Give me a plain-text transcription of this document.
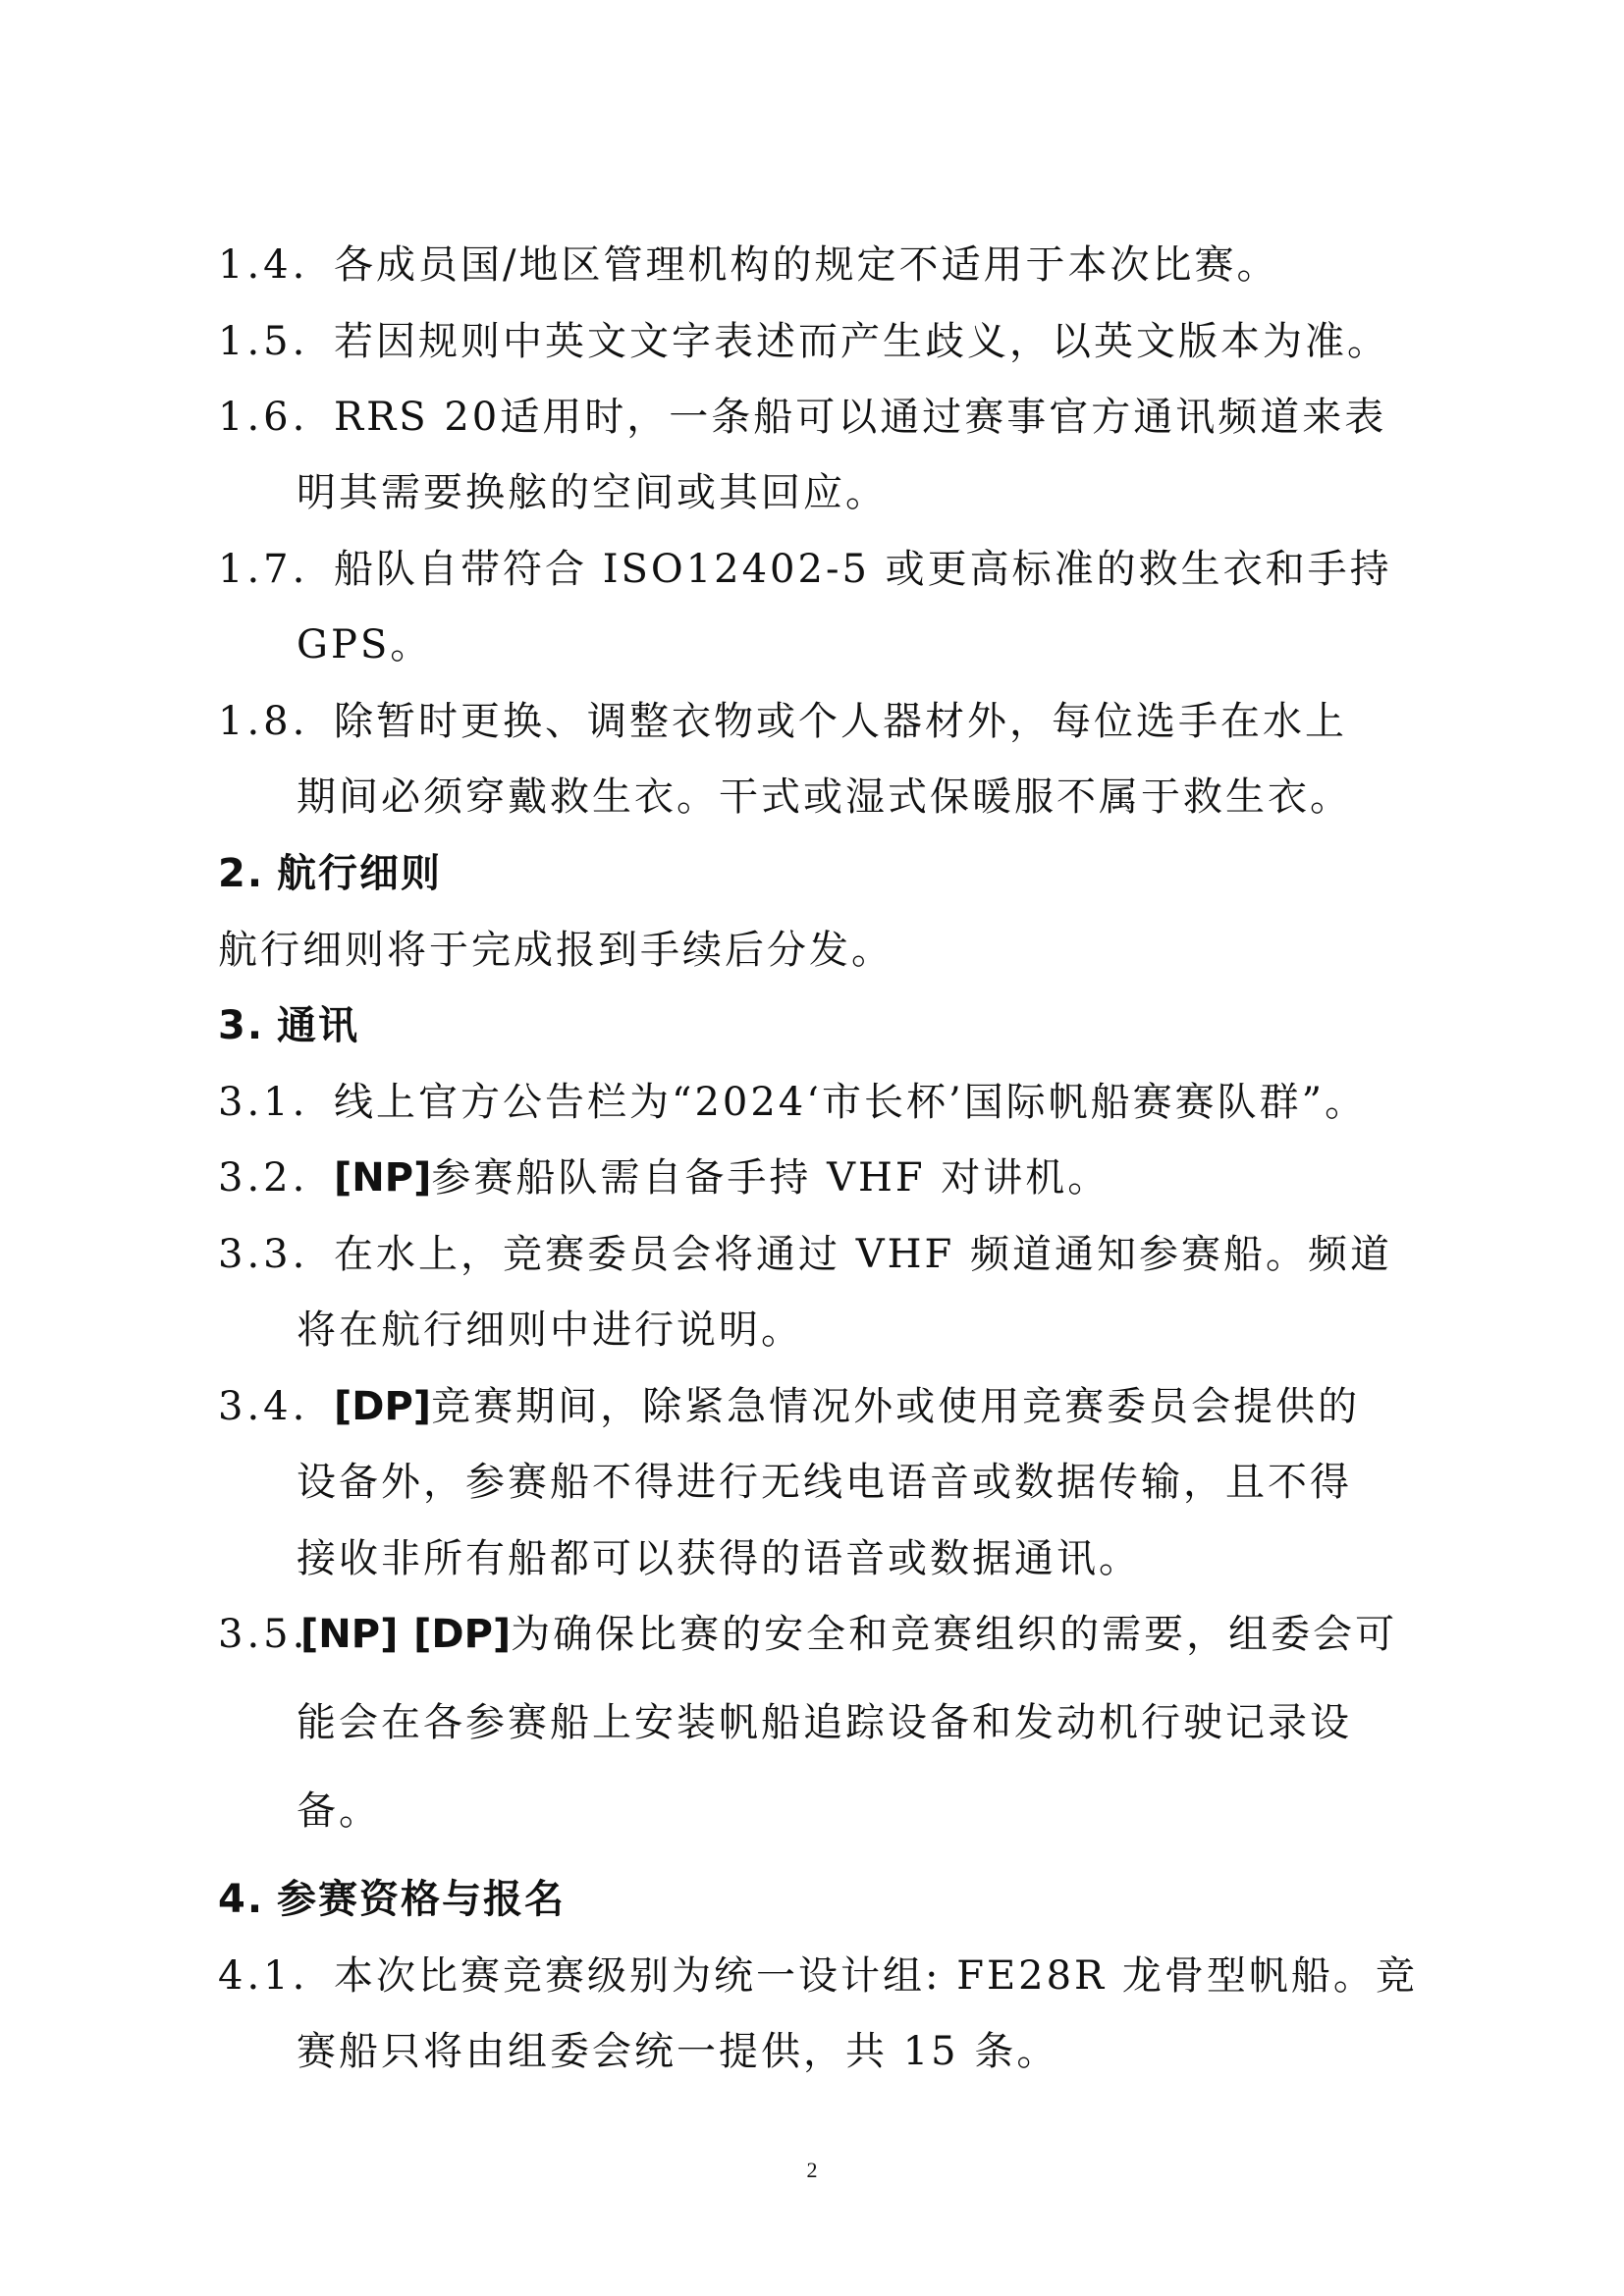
1.4. 各成员国/地区管理机构的规定不适用于本次比赛。
1.5. 若因规则中英文文字表述而产生歧义，以英文版本为准。
1.6. RRS 20适用时，一条船可以通过赛事官方通讯频道来表
明其需要换舷的空间或其回应。
1.7. 船队自带符合 ISO12402-5 或更高标准的救生衣和手持
GPS。
1.8. 除暂时更换、调整衣物或个人器材外，每位选手在水上
期间必须穿戴救生衣。干式或湿式保暖服不属于救生衣。
2. 航行细则
航行细则将于完成报到手续后分发。
3. 通讯
3.1. 线上官方公告栏为“2024‘市长杯’国际帆船赛赛队群”。
3.2. [NP]参赛船队需自备手持 VHF 对讲机。
3.3. 在水上，竞赛委员会将通过 VHF 频道通知参赛船。频道
将在航行细则中进行说明。
3.4. [DP]竞赛期间，除紧急情况外或使用竞赛委员会提供的
设备外，参赛船不得进行无线电语音或数据传输，且不得
接收非所有船都可以获得的语音或数据通讯。
3.5.[NP] [DP]为确保比赛的安全和竞赛组织的需要，组委会可
能会在各参赛船上安装帆船追踪设备和发动机行驶记录设
备。
4. 参赛资格与报名
4.1. 本次比赛竞赛级别为统一设计组: FE28R 龙骨型帆船。竞
赛船只将由组委会统一提供，共 15 条。
2
